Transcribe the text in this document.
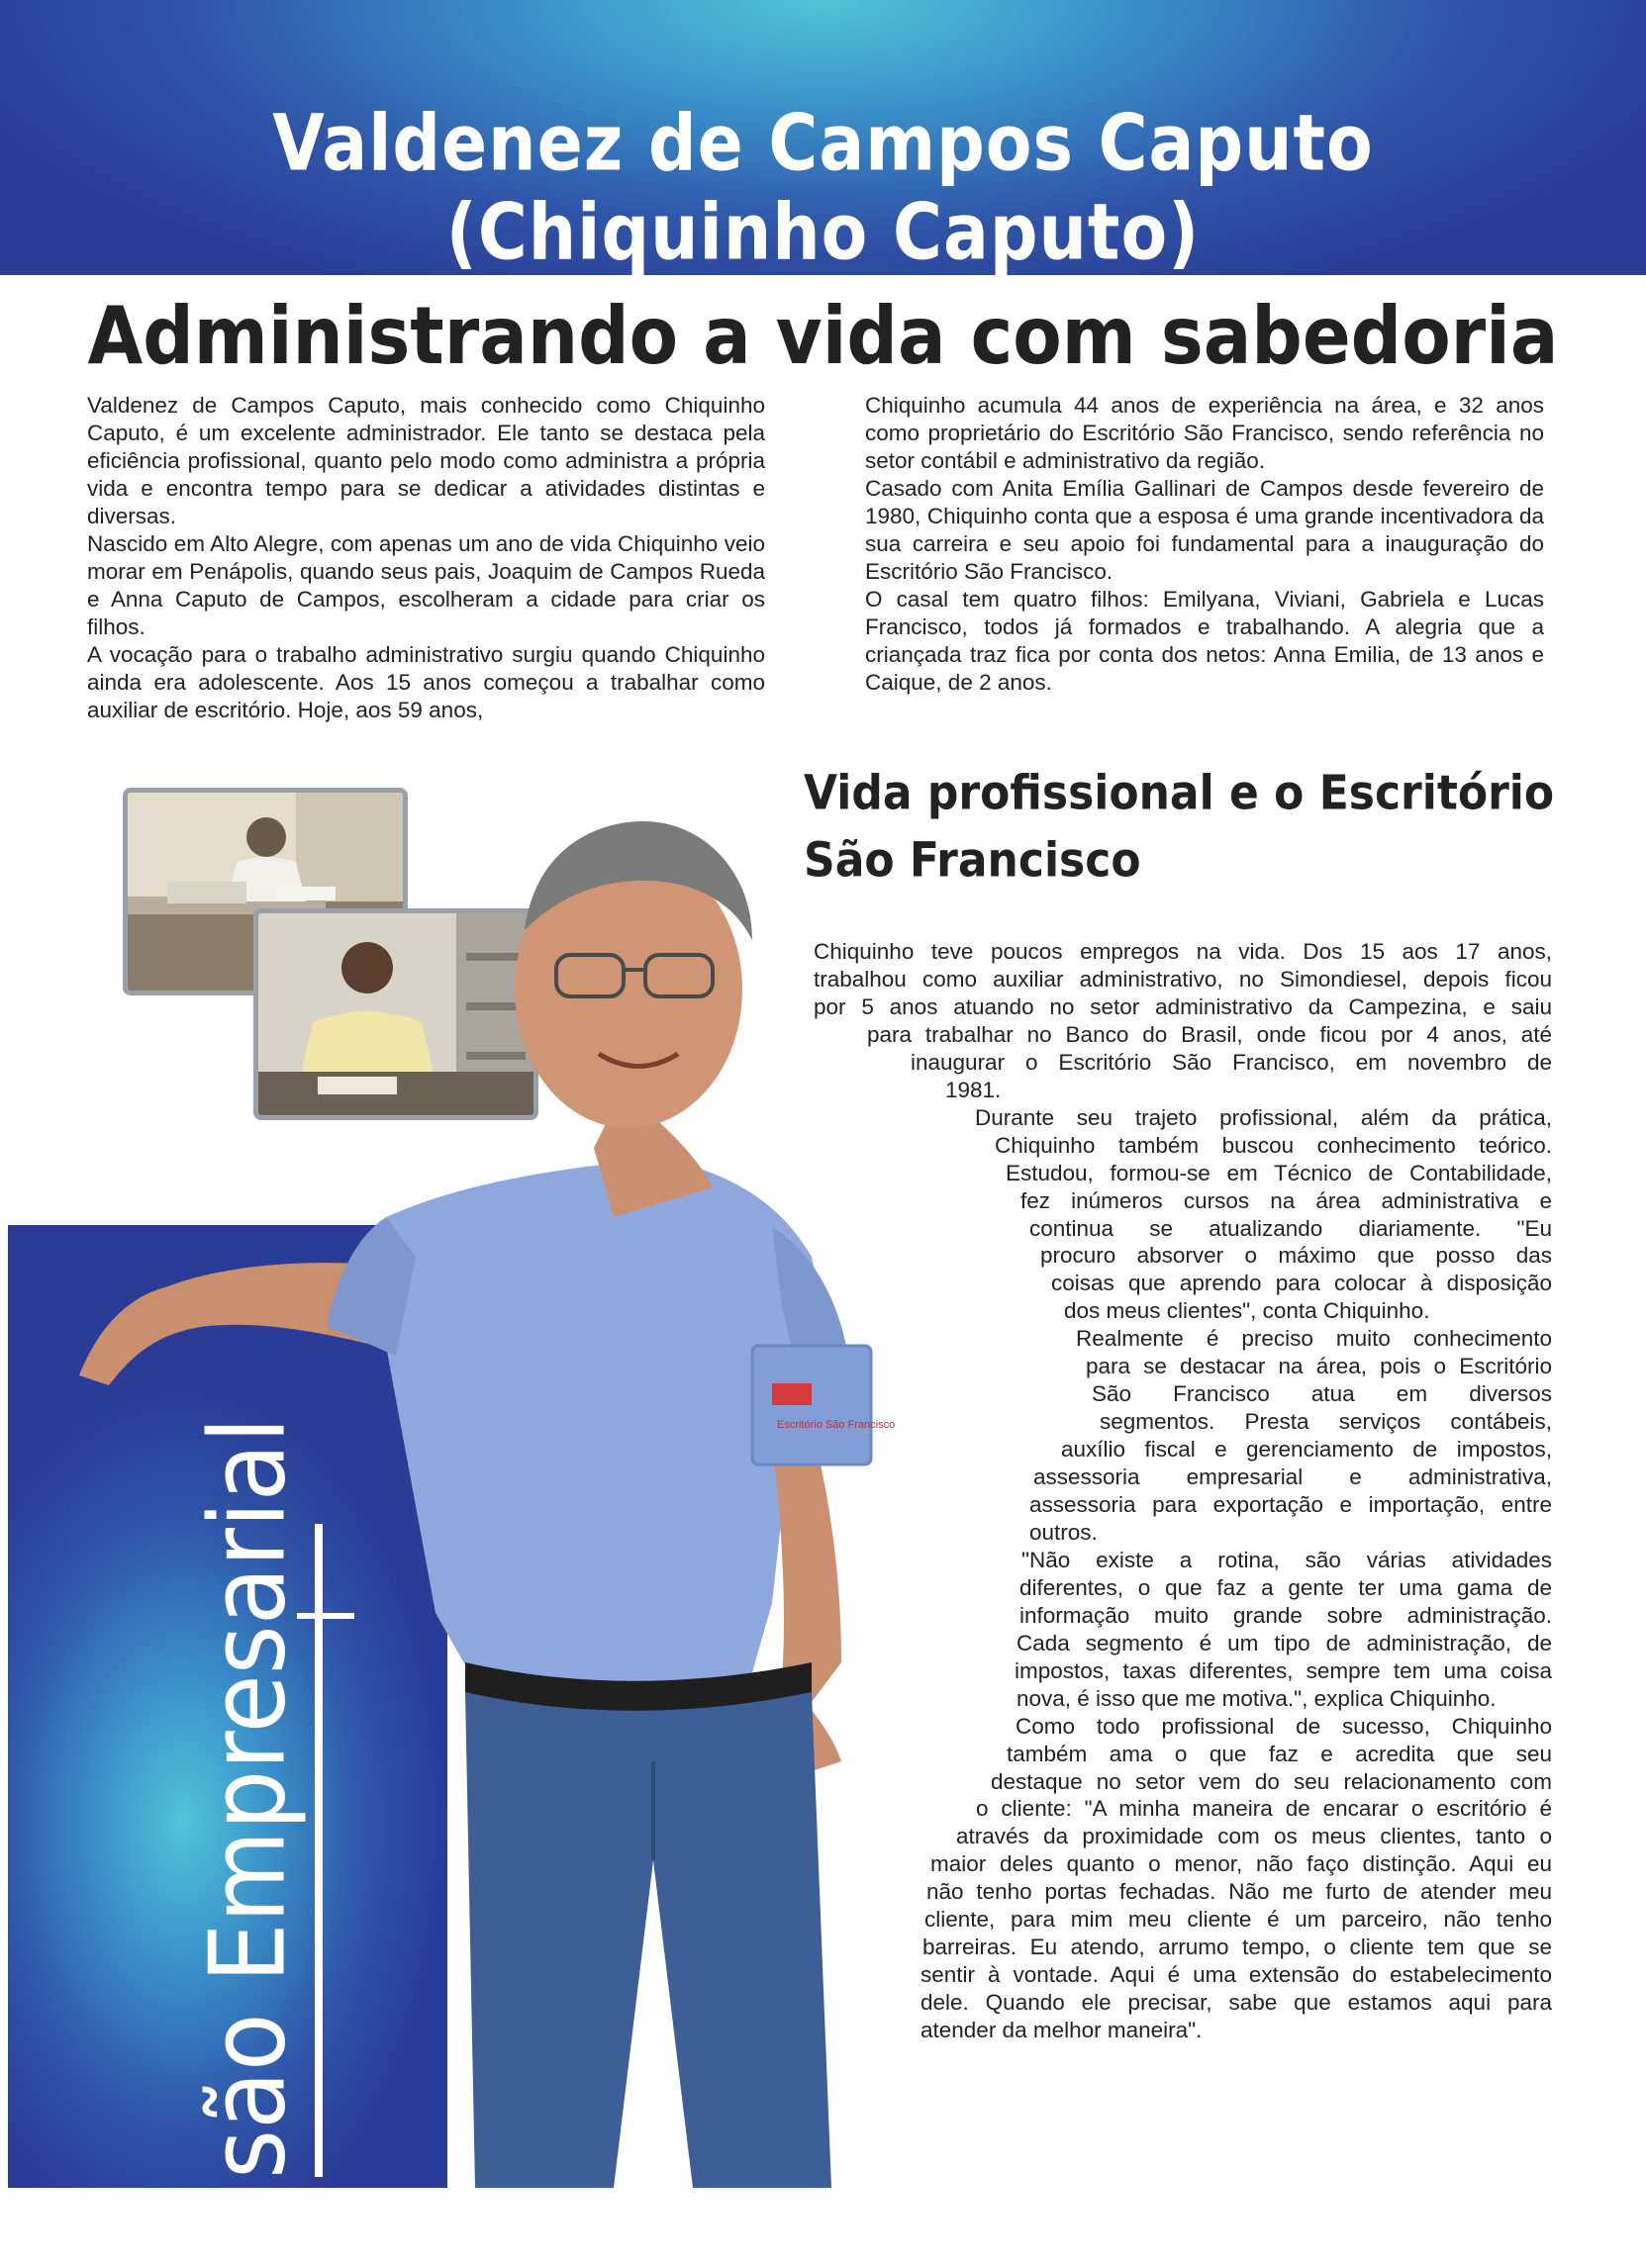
Valdenez de Campos Caputo
(Chiquinho Caputo)
Administrando a vida com sabedoria

Valdenez de Campos Caputo, mais conhecido como Chiquinho Caputo, é um excelente administrador. Ele tanto se destaca pela eficiência profissional, quanto pelo modo como administra a própria vida e encontra tempo para se dedicar a atividades distintas e diversas.

Nascido em Alto Alegre, com apenas um ano de vida Chiquinho veio morar em Penápolis, quando seus pais, Joaquim de Campos Rueda e Anna Caputo de Campos, escolheram a cidade para criar os filhos.

A vocação para o trabalho administrativo surgiu quando Chiquinho ainda era adolescente. Aos 15 anos começou a trabalhar como auxiliar de escritório. Hoje, aos 59 anos,

Chiquinho acumula 44 anos de experiência na área, e 32 anos como proprietário do Escritório São Francisco, sendo referência no setor contábil e administrativo da região.

Casado com Anita Emília Gallinari de Campos desde fevereiro de 1980, Chiquinho conta que a esposa é uma grande incentivadora da sua carreira e seu apoio foi fundamental para a inauguração do Escritório São Francisco.

O casal tem quatro filhos: Emilyana, Viviani, Gabriela e Lucas Francisco, todos já formados e trabalhando. A alegria que a criançada traz fica por conta dos netos: Anna Emilia, de 13 anos e Caique, de 2 anos.

Visão Empresarial	Escritório São Francisco
Vida profissional e o Escritório São Francisco
Chiquinho teve poucos empregos na vida. Dos 15 aos 17 anos,
trabalhou como auxiliar administrativo, no Simondiesel, depois ficou
por 5 anos atuando no setor administrativo da Campezina, e saiu
para trabalhar no Banco do Brasil, onde ficou por 4 anos, até
inaugurar o Escritório São Francisco, em novembro de
1981.
Durante seu trajeto profissional, além da prática,
Chiquinho também buscou conhecimento teórico.
Estudou, formou-se em Técnico de Contabilidade,
fez inúmeros cursos na área administrativa e
continua se atualizando diariamente. "Eu
procuro absorver o máximo que posso das
coisas que aprendo para colocar à disposição
dos meus clientes", conta Chiquinho.
Realmente é preciso muito conhecimento
para se destacar na área, pois o Escritório
São Francisco atua em diversos
segmentos. Presta serviços contábeis,
auxílio fiscal e gerenciamento de impostos,
assessoria empresarial e administrativa,
assessoria para exportação e importação, entre
outros.
"Não existe a rotina, são várias atividades
diferentes, o que faz a gente ter uma gama de
informação muito grande sobre administração.
Cada segmento é um tipo de administração, de
impostos, taxas diferentes, sempre tem uma coisa
nova, é isso que me motiva.", explica Chiquinho.
Como todo profissional de sucesso, Chiquinho
também ama o que faz e acredita que seu
destaque no setor vem do seu relacionamento com
o cliente: "A minha maneira de encarar o escritório é
através da proximidade com os meus clientes, tanto o
maior deles quanto o menor, não faço distinção. Aqui eu
não tenho portas fechadas. Não me furto de atender meu
cliente, para mim meu cliente é um parceiro, não tenho
barreiras. Eu atendo, arrumo tempo, o cliente tem que se
sentir à vontade. Aqui é uma extensão do estabelecimento
dele. Quando ele precisar, sabe que estamos aqui para
atender da melhor maneira".
